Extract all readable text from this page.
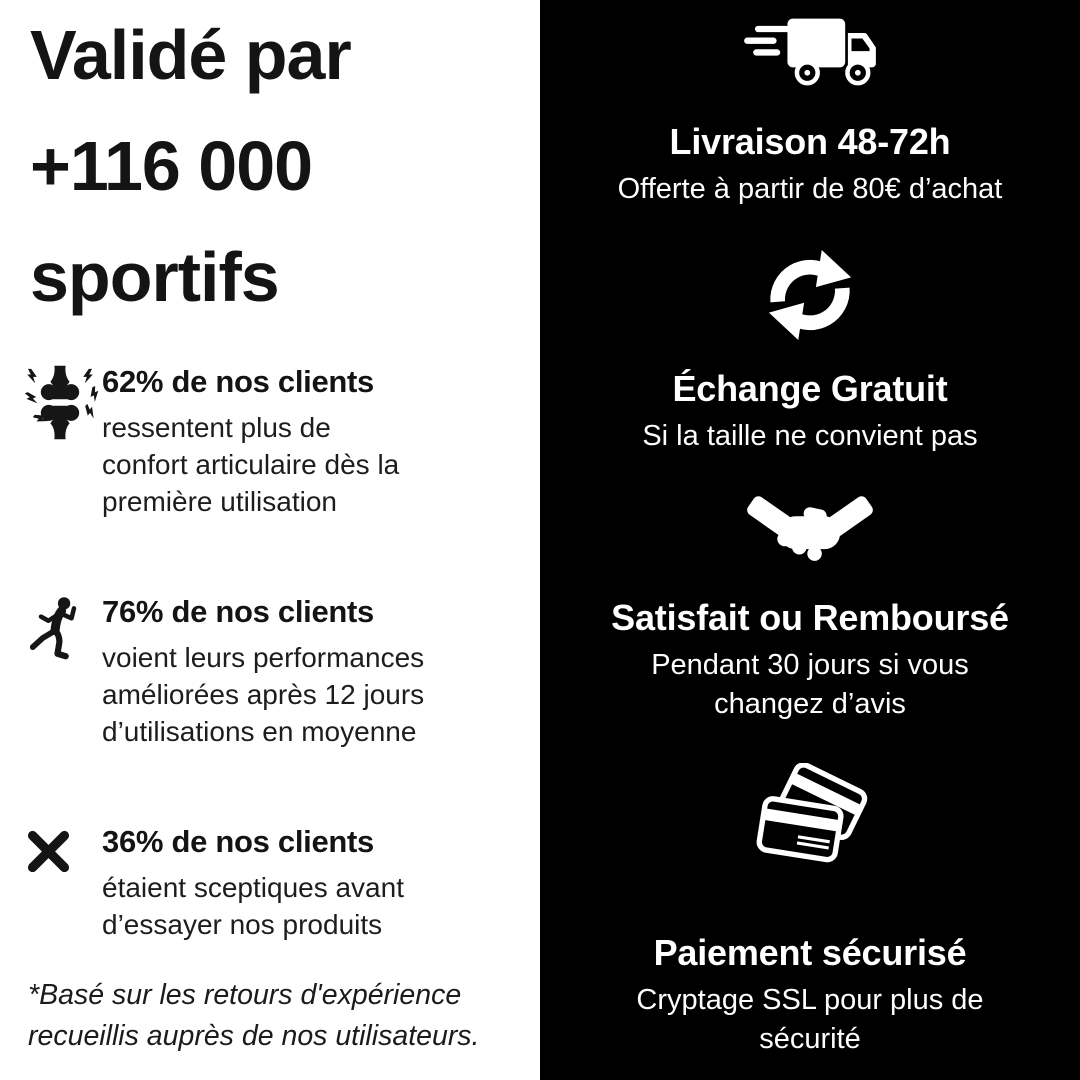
Validé par
+116 000
sportifs
62% de nos clients
ressentent plus de
confort articulaire dès la
première utilisation
76% de nos clients
voient leurs performances
améliorées après 12 jours
d’utilisations en moyenne
36% de nos clients
étaient sceptiques avant
d’essayer nos produits
*Basé sur les retours d'expérience
recueillis auprès de nos utilisateurs.
Livraison 48-72h
Offerte à partir de 80€ d’achat
Échange Gratuit
Si la taille ne convient pas
Satisfait ou Remboursé
Pendant 30 jours si vous
changez d’avis
Paiement sécurisé
Cryptage SSL pour plus de
sécurité
